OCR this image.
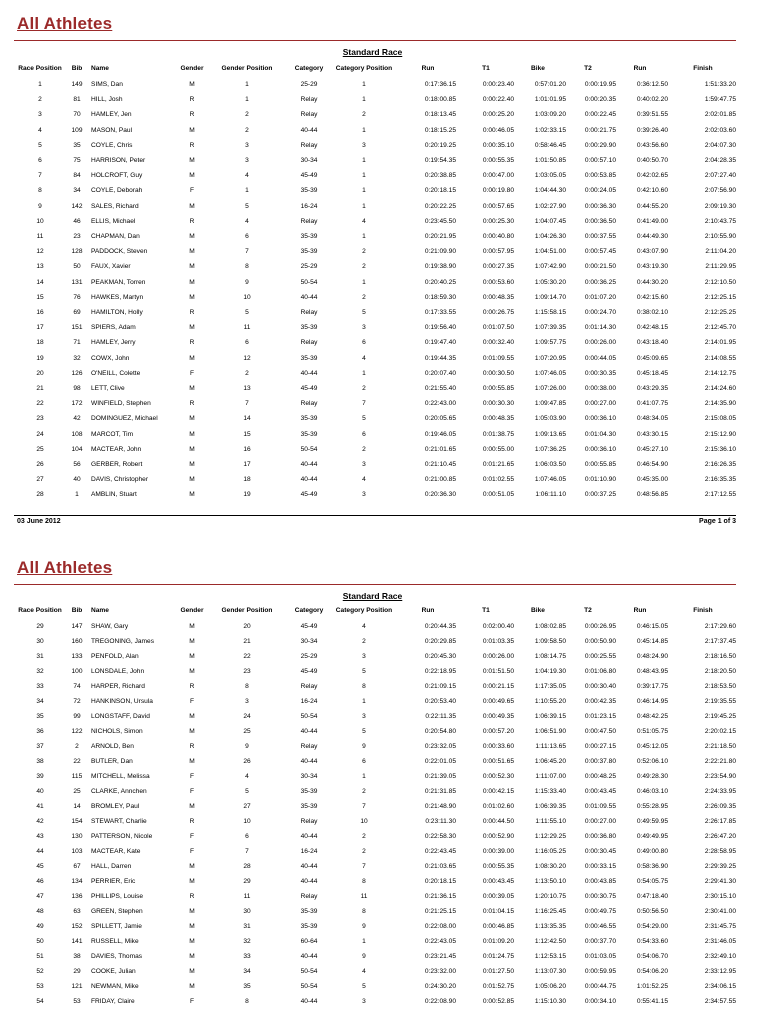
All Athletes
Standard Race
Race Position	Bib	Name	Gender	Gender Position	Category	Category Position	Run	T1	Bike	T2	Run	Finish
1	149	SIMS, Dan	M	1	25-29	1	0:17:36.15	0:00:23.40	0:57:01.20	0:00:19.95	0:36:12.50	1:51:33.20
2	81	HILL, Josh	R	1	Relay	1	0:18:00.85	0:00:22.40	1:01:01.95	0:00:20.35	0:40:02.20	1:59:47.75
3	70	HAMLEY, Jen	R	2	Relay	2	0:18:13.45	0:00:25.20	1:03:09.20	0:00:22.45	0:39:51.55	2:02:01.85
4	109	MASON, Paul	M	2	40-44	1	0:18:15.25	0:00:46.05	1:02:33.15	0:00:21.75	0:39:26.40	2:02:03.60
5	35	COYLE, Chris	R	3	Relay	3	0:20:19.25	0:00:35.10	0:58:46.45	0:00:29.90	0:43:56.60	2:04:07.30
6	75	HARRISON, Peter	M	3	30-34	1	0:19:54.35	0:00:55.35	1:01:50.85	0:00:57.10	0:40:50.70	2:04:28.35
7	84	HOLCROFT, Guy	M	4	45-49	1	0:20:38.85	0:00:47.00	1:03:05.05	0:00:53.85	0:42:02.65	2:07:27.40
8	34	COYLE, Deborah	F	1	35-39	1	0:20:18.15	0:00:19.80	1:04:44.30	0:00:24.05	0:42:10.60	2:07:56.90
9	142	SALES, Richard	M	5	16-24	1	0:20:22.25	0:00:57.65	1:02:27.90	0:00:36.30	0:44:55.20	2:09:19.30
10	46	ELLIS, Michael	R	4	Relay	4	0:23:45.50	0:00:25.30	1:04:07.45	0:00:36.50	0:41:49.00	2:10:43.75
11	23	CHAPMAN, Dan	M	6	35-39	1	0:20:21.95	0:00:40.80	1:04:26.30	0:00:37.55	0:44:49.30	2:10:55.90
12	128	PADDOCK, Steven	M	7	35-39	2	0:21:09.90	0:00:57.95	1:04:51.00	0:00:57.45	0:43:07.90	2:11:04.20
13	50	FAUX, Xavier	M	8	25-29	2	0:19:38.90	0:00:27.35	1:07:42.90	0:00:21.50	0:43:19.30	2:11:29.95
14	131	PEAKMAN, Torren	M	9	50-54	1	0:20:40.25	0:00:53.60	1:05:30.20	0:00:36.25	0:44:30.20	2:12:10.50
15	76	HAWKES, Martyn	M	10	40-44	2	0:18:59.30	0:00:48.35	1:09:14.70	0:01:07.20	0:42:15.60	2:12:25.15
16	69	HAMILTON, Holly	R	5	Relay	5	0:17:33.55	0:00:26.75	1:15:58.15	0:00:24.70	0:38:02.10	2:12:25.25
17	151	SPIERS, Adam	M	11	35-39	3	0:19:56.40	0:01:07.50	1:07:39.35	0:01:14.30	0:42:48.15	2:12:45.70
18	71	HAMLEY, Jerry	R	6	Relay	6	0:19:47.40	0:00:32.40	1:09:57.75	0:00:26.00	0:43:18.40	2:14:01.95
19	32	COWX, John	M	12	35-39	4	0:19:44.35	0:01:09.55	1:07:20.95	0:00:44.05	0:45:09.65	2:14:08.55
20	126	O'NEILL, Colette	F	2	40-44	1	0:20:07.40	0:00:30.50	1:07:46.05	0:00:30.35	0:45:18.45	2:14:12.75
21	98	LETT, Clive	M	13	45-49	2	0:21:55.40	0:00:55.85	1:07:26.00	0:00:38.00	0:43:29.35	2:14:24.60
22	172	WINFIELD, Stephen	R	7	Relay	7	0:22:43.00	0:00:30.30	1:09:47.85	0:00:27.00	0:41:07.75	2:14:35.90
23	42	DOMINGUEZ, Michael	M	14	35-39	5	0:20:05.65	0:00:48.35	1:05:03.90	0:00:36.10	0:48:34.05	2:15:08.05
24	108	MARCOT, Tim	M	15	35-39	6	0:19:46.05	0:01:38.75	1:09:13.65	0:01:04.30	0:43:30.15	2:15:12.90
25	104	MACTEAR, John	M	16	50-54	2	0:21:01.65	0:00:55.00	1:07:36.25	0:00:36.10	0:45:27.10	2:15:36.10
26	56	GERBER, Robert	M	17	40-44	3	0:21:10.45	0:01:21.65	1:06:03.50	0:00:55.85	0:46:54.90	2:16:26.35
27	40	DAVIS, Christopher	M	18	40-44	4	0:21:00.85	0:01:02.55	1:07:46.05	0:01:10.90	0:45:35.00	2:16:35.35
28	1	AMBLIN, Stuart	M	19	45-49	3	0:20:36.30	0:00:51.05	1:06:11.10	0:00:37.25	0:48:56.85	2:17:12.55
03 June 2012	Page 1 of 3
All Athletes
Standard Race
Race Position	Bib	Name	Gender	Gender Position	Category	Category Position	Run	T1	Bike	T2	Run	Finish
29	147	SHAW, Gary	M	20	45-49	4	0:20:44.35	0:02:00.40	1:08:02.85	0:00:26.95	0:46:15.05	2:17:29.60
30	160	TREGONING, James	M	21	30-34	2	0:20:29.85	0:01:03.35	1:09:58.50	0:00:50.90	0:45:14.85	2:17:37.45
31	133	PENFOLD, Alan	M	22	25-29	3	0:20:45.30	0:00:26.00	1:08:14.75	0:00:25.55	0:48:24.90	2:18:16.50
32	100	LONSDALE, John	M	23	45-49	5	0:22:18.95	0:01:51.50	1:04:19.30	0:01:06.80	0:48:43.95	2:18:20.50
33	74	HARPER, Richard	R	8	Relay	8	0:21:09.15	0:00:21.15	1:17:35.05	0:00:30.40	0:39:17.75	2:18:53.50
34	72	HANKINSON, Ursula	F	3	16-24	1	0:20:53.40	0:00:49.65	1:10:55.20	0:00:42.35	0:46:14.95	2:19:35.55
35	99	LONGSTAFF, David	M	24	50-54	3	0:22:11.35	0:00:49.35	1:06:39.15	0:01:23.15	0:48:42.25	2:19:45.25
36	122	NICHOLS, Simon	M	25	40-44	5	0:20:54.80	0:00:57.20	1:06:51.90	0:00:47.50	0:51:05.75	2:20:02.15
37	2	ARNOLD, Ben	R	9	Relay	9	0:23:32.05	0:00:33.60	1:11:13.65	0:00:27.15	0:45:12.05	2:21:18.50
38	22	BUTLER, Dan	M	26	40-44	6	0:22:01.05	0:00:51.65	1:06:45.20	0:00:37.80	0:52:06.10	2:22:21.80
39	115	MITCHELL, Melissa	F	4	30-34	1	0:21:39.05	0:00:52.30	1:11:07.00	0:00:48.25	0:49:28.30	2:23:54.90
40	25	CLARKE, Annchen	F	5	35-39	2	0:21:31.85	0:00:42.15	1:15:33.40	0:00:43.45	0:46:03.10	2:24:33.95
41	14	BROMLEY, Paul	M	27	35-39	7	0:21:48.90	0:01:02.60	1:06:39.35	0:01:09.55	0:55:28.95	2:26:09.35
42	154	STEWART, Charlie	R	10	Relay	10	0:23:11.30	0:00:44.50	1:11:55.10	0:00:27.00	0:49:59.95	2:26:17.85
43	130	PATTERSON, Nicole	F	6	40-44	2	0:22:58.30	0:00:52.90	1:12:29.25	0:00:36.80	0:49:49.95	2:26:47.20
44	103	MACTEAR, Kate	F	7	16-24	2	0:22:43.45	0:00:39.00	1:16:05.25	0:00:30.45	0:49:00.80	2:28:58.95
45	67	HALL, Darren	M	28	40-44	7	0:21:03.65	0:00:55.35	1:08:30.20	0:00:33.15	0:58:36.90	2:29:39.25
46	134	PERRIER, Eric	M	29	40-44	8	0:20:18.15	0:00:43.45	1:13:50.10	0:00:43.85	0:54:05.75	2:29:41.30
47	136	PHILLIPS, Louise	R	11	Relay	11	0:21:36.15	0:00:39.05	1:20:10.75	0:00:30.75	0:47:18.40	2:30:15.10
48	63	GREEN, Stephen	M	30	35-39	8	0:21:25.15	0:01:04.15	1:16:25.45	0:00:49.75	0:50:56.50	2:30:41.00
49	152	SPILLETT, Jamie	M	31	35-39	9	0:22:08.00	0:00:46.85	1:13:35.35	0:00:46.55	0:54:29.00	2:31:45.75
50	141	RUSSELL, Mike	M	32	60-64	1	0:22:43.05	0:01:09.20	1:12:42.50	0:00:37.70	0:54:33.60	2:31:46.05
51	38	DAVIES, Thomas	M	33	40-44	9	0:23:21.45	0:01:24.75	1:12:53.15	0:01:03.05	0:54:06.70	2:32:49.10
52	29	COOKE, Julian	M	34	50-54	4	0:23:32.00	0:01:27.50	1:13:07.30	0:00:59.95	0:54:06.20	2:33:12.95
53	121	NEWMAN, Mike	M	35	50-54	5	0:24:30.20	0:01:52.75	1:05:06.20	0:00:44.75	1:01:52.25	2:34:06.15
54	53	FRIDAY, Claire	F	8	40-44	3	0:22:08.90	0:00:52.85	1:15:10.30	0:00:34.10	0:55:41.15	2:34:57.55
